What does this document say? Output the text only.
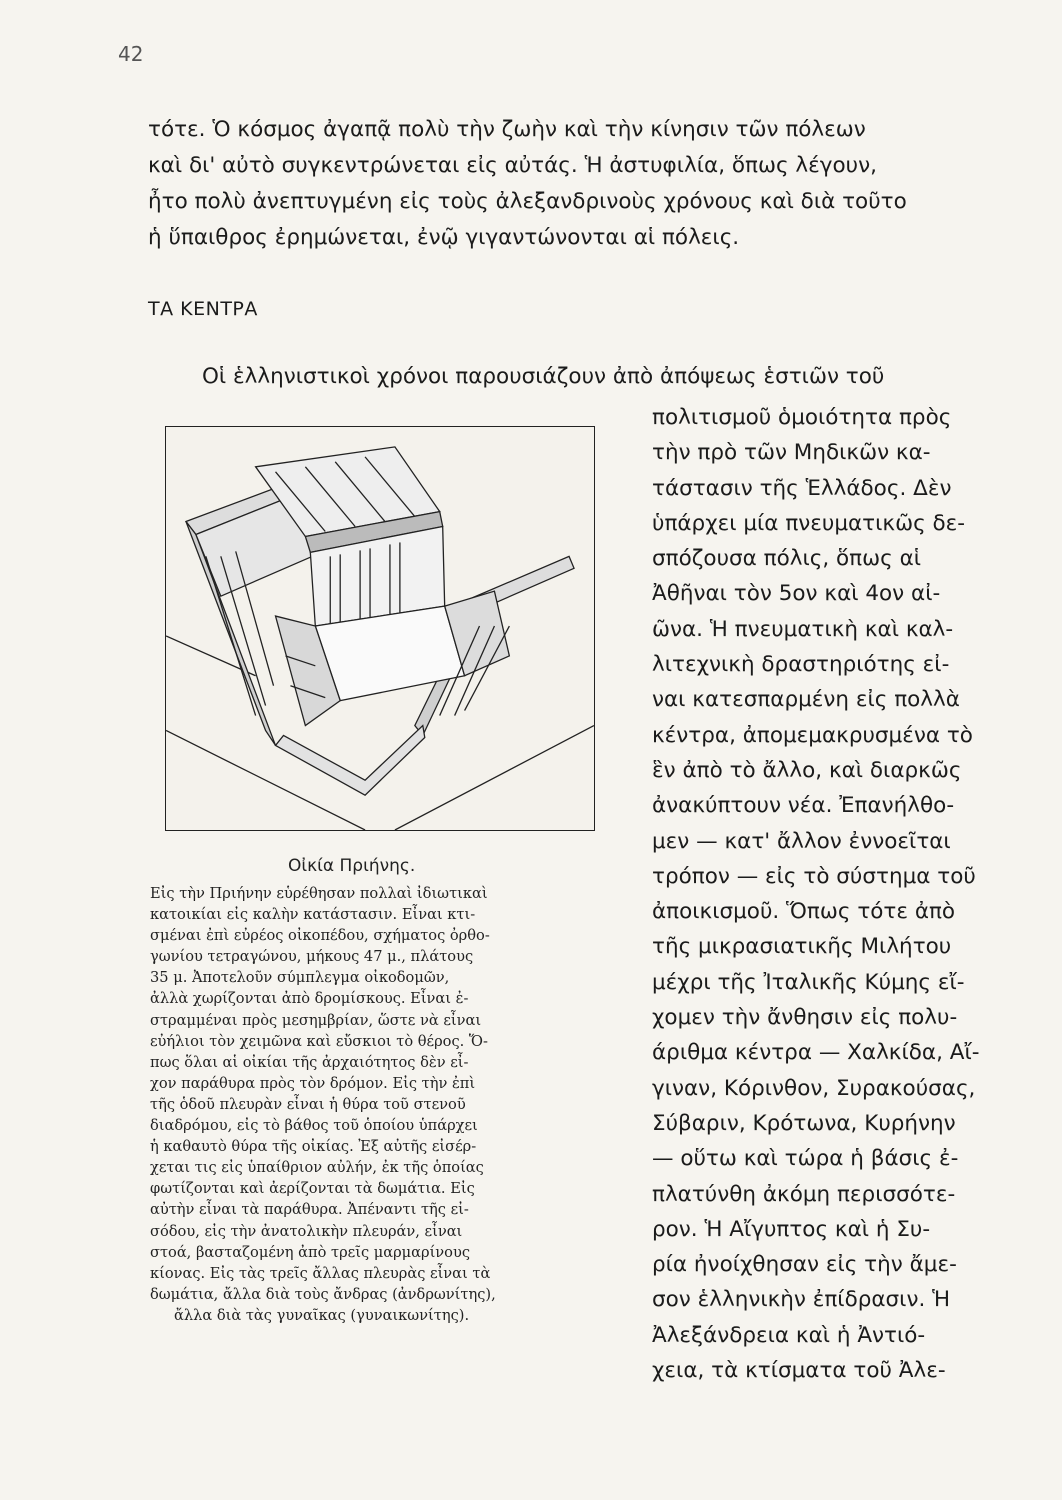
42
τότε. Ὁ κόσμος ἀγαπᾷ πολὺ τὴν ζωὴν καὶ τὴν κίνησιν τῶν πόλεων
καὶ δι' αὐτὸ συγκεντρώνεται εἰς αὐτάς. Ἡ ἀστυφιλία, ὅπως λέγουν,
ἦτο πολὺ ἀνεπτυγμένη εἰς τοὺς ἀλεξανδρινοὺς χρόνους καὶ διὰ τοῦτο
ἡ ὕπαιθρος ἐρημώνεται, ἐνῷ γιγαντώνονται αἱ πόλεις.
ΤΑ ΚΕΝΤΡΑ
Οἱ ἑλληνιστικοὶ χρόνοι παρουσιάζουν ἀπὸ ἀπόψεως ἑστιῶν τοῦ
πολιτισμοῦ ὁμοιότητα πρὸς
τὴν πρὸ τῶν Μηδικῶν κα-
τάστασιν τῆς Ἑλλάδος. Δὲν
ὑπάρχει μία πνευματικῶς δε-
σπόζουσα πόλις, ὅπως αἱ
Ἀθῆναι τὸν 5ον καὶ 4ον αἰ-
ῶνα. Ἡ πνευματικὴ καὶ καλ-
λιτεχνικὴ δραστηριότης εἰ-
ναι κατεσπαρμένη εἰς πολλὰ
κέντρα, ἀπομεμακρυσμένα τὸ
ἓν ἀπὸ τὸ ἄλλο, καὶ διαρκῶς
ἀνακύπτουν νέα. Ἐπανήλθο-
μεν — κατ' ἄλλον ἐννοεῖται
τρόπον — εἰς τὸ σύστημα τοῦ
ἀποικισμοῦ. Ὅπως τότε ἀπὸ
τῆς μικρασιατικῆς Μιλήτου
μέχρι τῆς Ἰταλικῆς Κύμης εἴ-
χομεν τὴν ἄνθησιν εἰς πολυ-
άριθμα κέντρα — Χαλκίδα, Αἴ-
γιναν, Κόρινθον, Συρακούσας,
Σύβαριν, Κρότωνα, Κυρήνην
— οὕτω καὶ τώρα ἡ βάσις ἐ-
πλατύνθη ἀκόμη περισσότε-
ρον. Ἡ Αἴγυπτος καὶ ἡ Συ-
ρία ἠνοίχθησαν εἰς τὴν ἄμε-
σον ἑλληνικὴν ἐπίδρασιν. Ἡ
Ἀλεξάνδρεια καὶ ἡ Ἀντιό-
χεια, τὰ κτίσματα τοῦ Ἀλε-
Οἰκία Πριήνης.
Εἰς τὴν Πριήνην εὑρέθησαν πολλαὶ ἰδιωτικαὶ
κατοικίαι εἰς καλὴν κατάστασιν. Εἶναι κτι-
σμέναι ἐπὶ εὐρέος οἰκοπέδου, σχήματος ὀρθο-
γωνίου τετραγώνου, μήκους 47 μ., πλάτους
35 μ. Ἀποτελοῦν σύμπλεγμα οἰκοδομῶν,
ἀλλὰ χωρίζονται ἀπὸ δρομίσκους. Εἶναι ἐ-
στραμμέναι πρὸς μεσημβρίαν, ὥστε νὰ εἶναι
εὐήλιοι τὸν χειμῶνα καὶ εὔσκιοι τὸ θέρος. Ὅ-
πως ὅλαι αἱ οἰκίαι τῆς ἀρχαιότητος δὲν εἶ-
χον παράθυρα πρὸς τὸν δρόμον. Εἰς τὴν ἐπὶ
τῆς ὁδοῦ πλευρὰν εἶναι ἡ θύρα τοῦ στενοῦ
διαδρόμου, εἰς τὸ βάθος τοῦ ὁποίου ὑπάρχει
ἡ καθαυτὸ θύρα τῆς οἰκίας. Ἐξ αὐτῆς εἰσέρ-
χεται τις εἰς ὑπαίθριον αὐλήν, ἐκ τῆς ὁποίας
φωτίζονται καὶ ἀερίζονται τὰ δωμάτια. Εἰς
αὐτὴν εἶναι τὰ παράθυρα. Ἀπέναντι τῆς εἰ-
σόδου, εἰς τὴν ἀνατολικὴν πλευράν, εἶναι
στοά, βασταζομένη ἀπὸ τρεῖς μαρμαρίνους
κίονας. Εἰς τὰς τρεῖς ἄλλας πλευρὰς εἶναι τὰ
δωμάτια, ἄλλα διὰ τοὺς ἄνδρας (ἀνδρωνίτης),
ἄλλα διὰ τὰς γυναῖκας (γυναικωνίτης).
